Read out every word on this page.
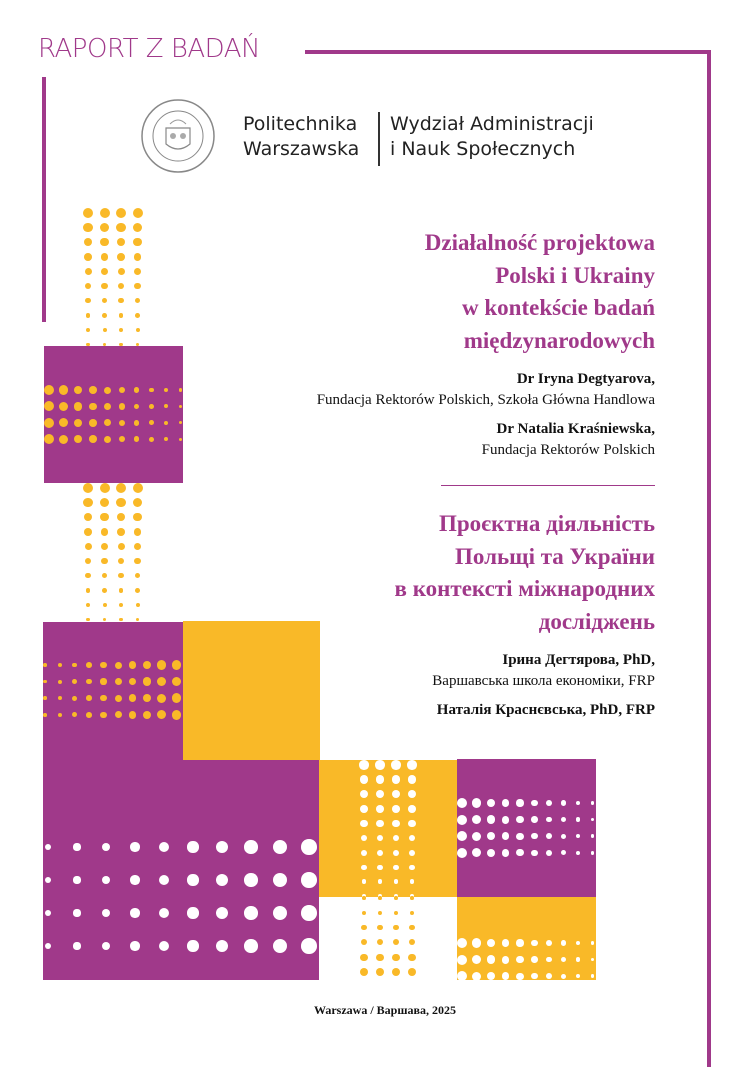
RAPORT Z BADAŃ
Politechnika
Warszawska
Wydział Administracji
i Nauk Społecznych
Działalność projektowa
Polski i Ukrainy
w kontekście badań
międzynarodowych
Dr Iryna Degtyarova,
Fundacja Rektorów Polskich, Szkoła Główna Handlowa
Dr Natalia Kraśniewska,
Fundacja Rektorów Polskich
Проєктна діяльність
Польщі та України
в контексті міжнародних
досліджень
Ірина Дегтярова, PhD,
Варшавська школа економіки, FRP
Наталія Краснєвська, PhD, FRP
Warszawa / Варшава, 2025
